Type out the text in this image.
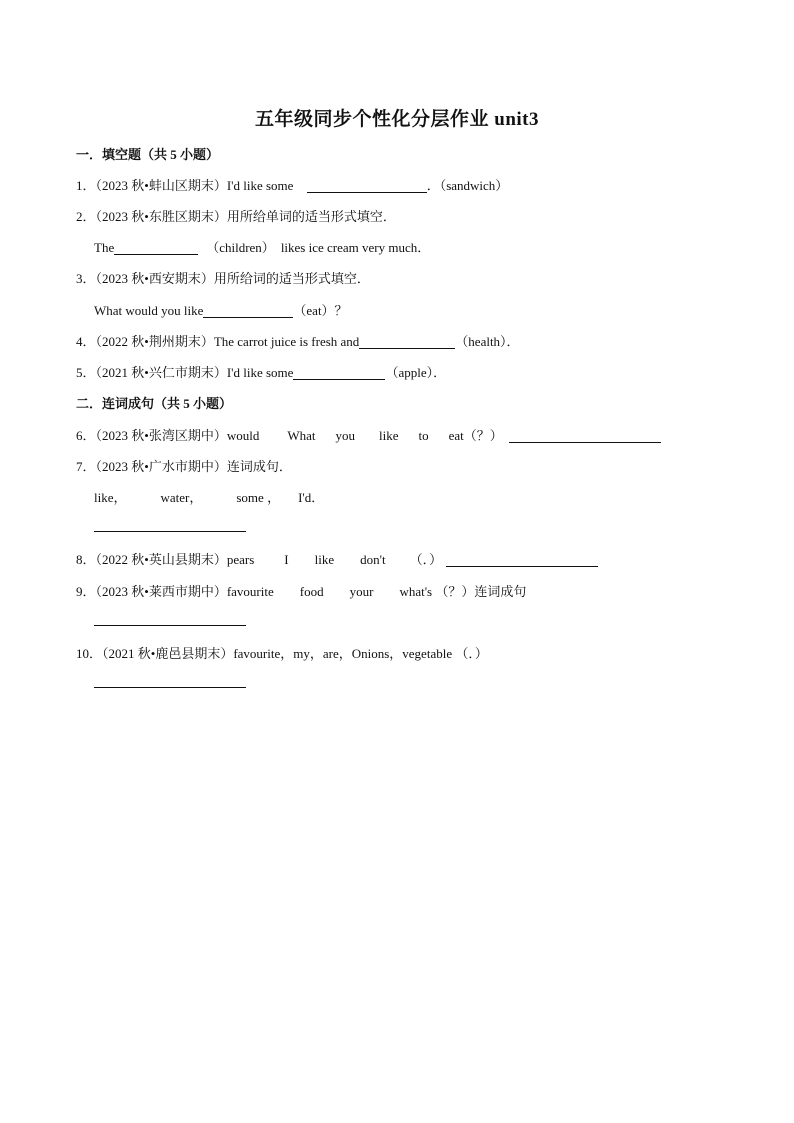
五年级同步个性化分层作业 unit3
一．填空题（共 5 小题）
1．（2023 秋•蚌山区期末）I'd like some	．（sandwich）
2．（2023 秋•东胜区期末）用所给单词的适当形式填空．
The	（children） likes ice cream very much．
3．（2023 秋•西安期末）用所给词的适当形式填空．
What would you like	（eat）？
4．（2022 秋•荆州期末）The carrot juice is fresh and	（health）．
5．（2021 秋•兴仁市期末）I'd like some	（apple）．
二．连词成句（共 5 小题）
6．（2023 秋•张湾区期中）would What you like to eat（？）
7．（2023 秋•广水市期中）连词成句．
like，	water，	some ， I'd．
8．（2022 秋•英山县期末）pears I like don't （．）
9．（2023 秋•莱西市期中）favourite food your what's （？）连词成句
10．（2021 秋•鹿邑县期末）favourite，my，are，Onions，vegetable （．）
